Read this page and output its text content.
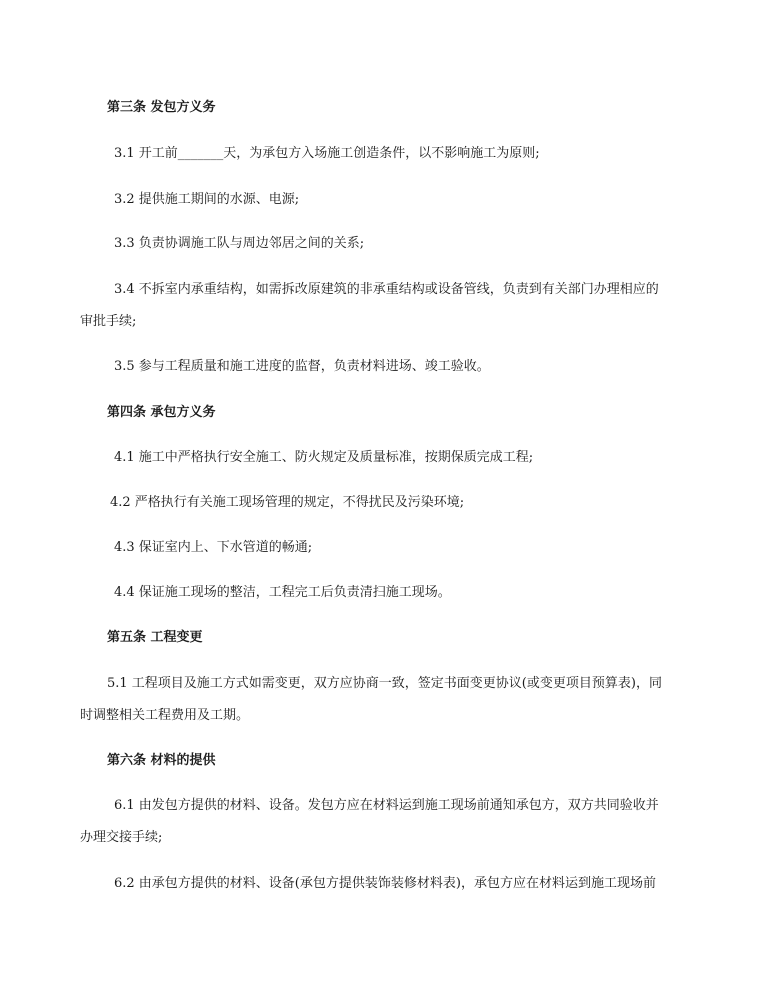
第三条 发包方义务
3.1 开工前_______天，为承包方入场施工创造条件，以不影响施工为原则;
3.2 提供施工期间的水源、电源;
3.3 负责协调施工队与周边邻居之间的关系;
3.4 不拆室内承重结构，如需拆改原建筑的非承重结构或设备管线，负责到有关部门办理相应的
审批手续;
3.5 参与工程质量和施工进度的监督，负责材料进场、竣工验收。
第四条 承包方义务
4.1 施工中严格执行安全施工、防火规定及质量标准，按期保质完成工程;
4.2 严格执行有关施工现场管理的规定，不得扰民及污染环境;
4.3 保证室内上、下水管道的畅通;
4.4 保证施工现场的整洁，工程完工后负责清扫施工现场。
第五条 工程变更
5.1 工程项目及施工方式如需变更，双方应协商一致，签定书面变更协议(或变更项目预算表)，同
时调整相关工程费用及工期。
第六条 材料的提供
6.1 由发包方提供的材料、设备。发包方应在材料运到施工现场前通知承包方，双方共同验收并
办理交接手续;
6.2 由承包方提供的材料、设备(承包方提供装饰装修材料表)，承包方应在材料运到施工现场前
